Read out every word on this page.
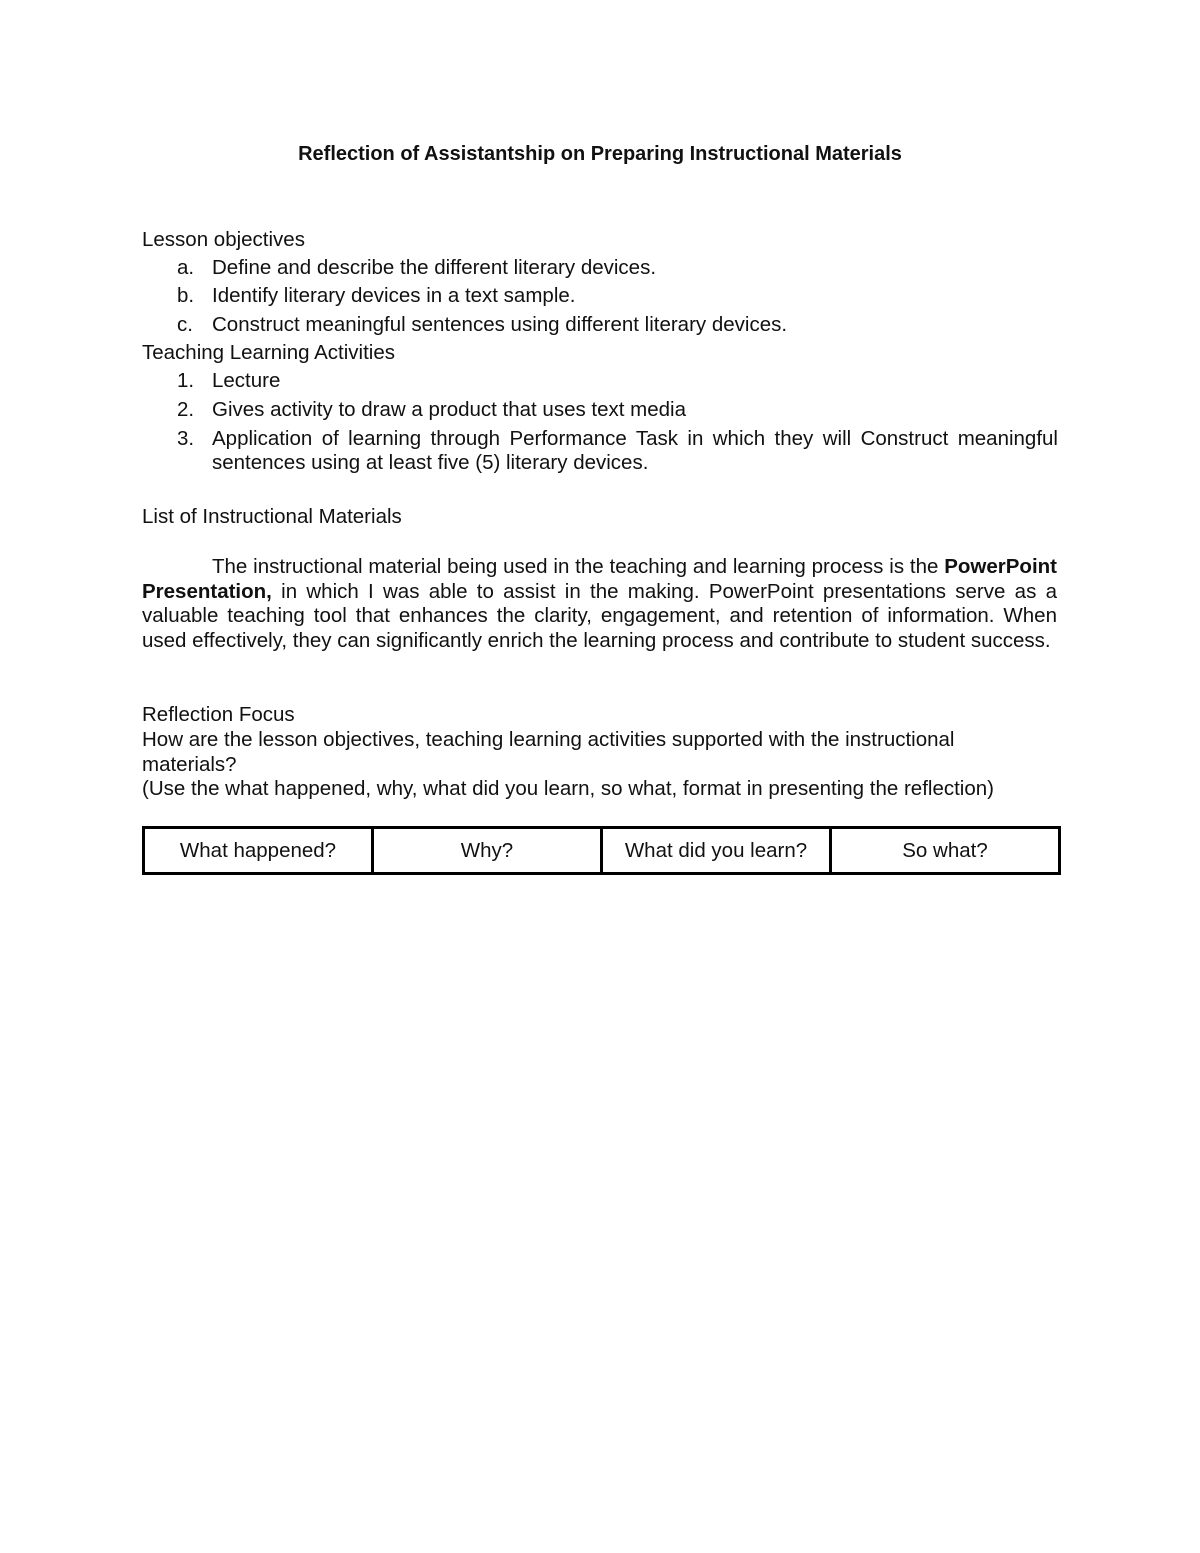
Reflection of Assistantship on Preparing Instructional Materials
Lesson objectives
a. Define and describe the different literary devices.
b. Identify literary devices in a text sample.
c. Construct meaningful sentences using different literary devices.
Teaching Learning Activities
1. Lecture
2. Gives activity to draw a product that uses text media
3. Application of learning through Performance Task in which they will Construct meaningful sentences using at least five (5) literary devices.
List of Instructional Materials
The instructional material being used in the teaching and learning process is the PowerPoint Presentation, in which I was able to assist in the making. PowerPoint presentations serve as a valuable teaching tool that enhances the clarity, engagement, and retention of information. When used effectively, they can significantly enrich the learning process and contribute to student success.
Reflection Focus
How are the lesson objectives, teaching learning activities supported with the instructional materials?
(Use the what happened, why, what did you learn, so what, format in presenting the reflection)
What happened?	Why?	What did you learn?	So what?
